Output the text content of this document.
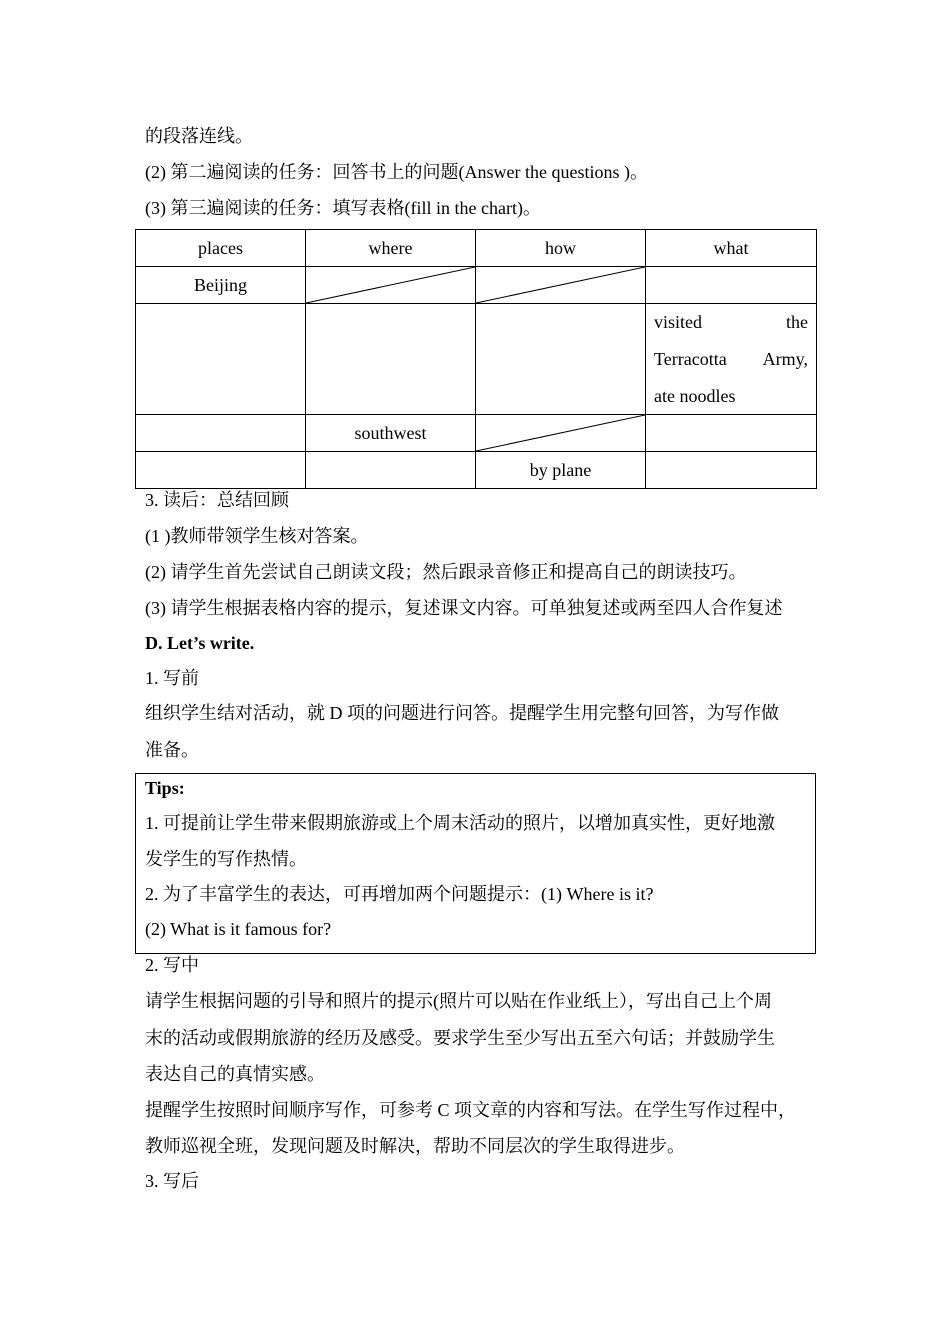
的段落连线。
(2) 第二遍阅读的任务：回答书上的问题(Answer the questions )。
(3) 第三遍阅读的任务：填写表格(fill in the chart)。
places	where	how	what

Beijing

			visited the
Terracotta Army,
ate noodles

	southwest

		by plane	

3. 读后：总结回顾
(1 )教师带领学生核对答案。
(2) 请学生首先尝试自己朗读文段；然后跟录音修正和提高自己的朗读技巧。
(3) 请学生根据表格内容的提示，复述课文内容。可单独复述或两至四人合作复述
D. Let’s write.
1. 写前
组织学生结对活动，就 D 项的问题进行问答。提醒学生用完整句回答，为写作做
准备。
Tips:
1. 可提前让学生带来假期旅游或上个周末活动的照片，以增加真实性，更好地激
发学生的写作热情。
2. 为了丰富学生的表达，可再增加两个问题提示：(1) Where is it?
(2) What is it famous for?
2. 写中
请学生根据问题的引导和照片的提示(照片可以贴在作业纸上），写出自己上个周
末的活动或假期旅游的经历及感受。要求学生至少写出五至六句话；并鼓励学生
表达自己的真情实感。
提醒学生按照时间顺序写作，可参考 C 项文章的内容和写法。在学生写作过程中，
教师巡视全班，发现问题及时解决，帮助不同层次的学生取得进步。
3. 写后
